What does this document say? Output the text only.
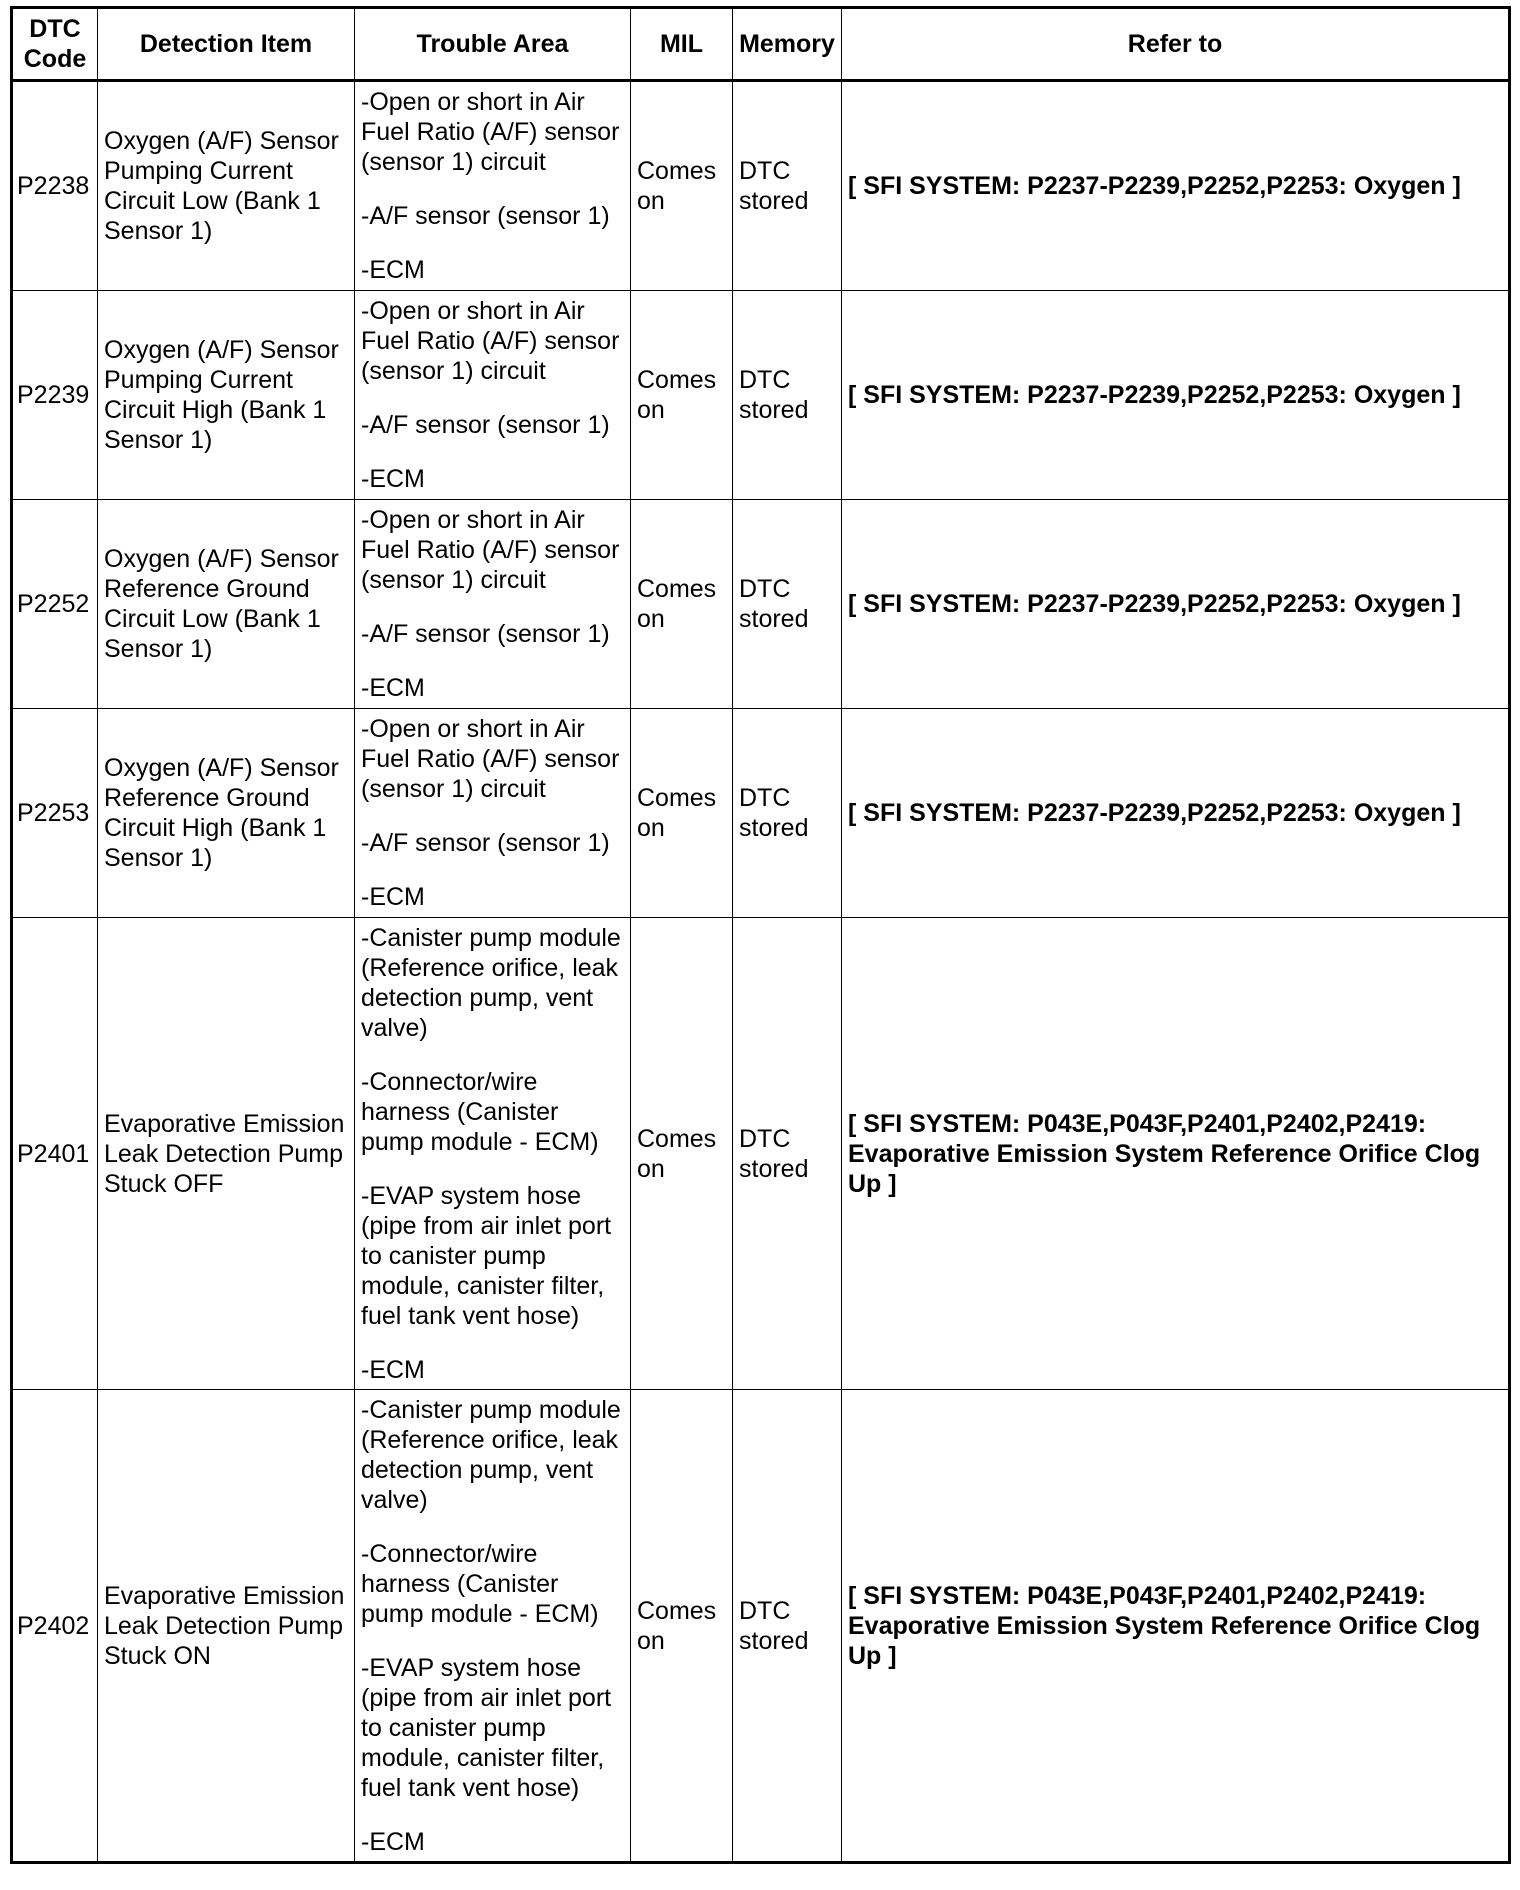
DTC Code	Detection Item	Trouble Area	MIL	Memory	Refer to
P2238	Oxygen (A/F) Sensor Pumping Current Circuit Low (Bank 1 Sensor 1)	-Open or short in Air Fuel Ratio (A/F) sensor (sensor 1) circuit

-A/F sensor (sensor 1)

-ECM	Comes on	DTC stored	[ SFI SYSTEM: P2237-P2239,P2252,P2253: Oxygen ]
P2239	Oxygen (A/F) Sensor Pumping Current Circuit High (Bank 1 Sensor 1)	-Open or short in Air Fuel Ratio (A/F) sensor (sensor 1) circuit

-A/F sensor (sensor 1)

-ECM	Comes on	DTC stored	[ SFI SYSTEM: P2237-P2239,P2252,P2253: Oxygen ]
P2252	Oxygen (A/F) Sensor Reference Ground Circuit Low (Bank 1 Sensor 1)	-Open or short in Air Fuel Ratio (A/F) sensor (sensor 1) circuit

-A/F sensor (sensor 1)

-ECM	Comes on	DTC stored	[ SFI SYSTEM: P2237-P2239,P2252,P2253: Oxygen ]
P2253	Oxygen (A/F) Sensor Reference Ground Circuit High (Bank 1 Sensor 1)	-Open or short in Air Fuel Ratio (A/F) sensor (sensor 1) circuit

-A/F sensor (sensor 1)

-ECM	Comes on	DTC stored	[ SFI SYSTEM: P2237-P2239,P2252,P2253: Oxygen ]
P2401	Evaporative Emission Leak Detection Pump Stuck OFF	-Canister pump module (Reference orifice, leak detection pump, vent valve)

-Connector/wire harness (Canister pump module - ECM)

-EVAP system hose (pipe from air inlet port to canister pump module, canister filter, fuel tank vent hose)

-ECM	Comes on	DTC stored	[ SFI SYSTEM: P043E,P043F,P2401,P2402,P2419: Evaporative Emission System Reference Orifice Clog Up ]
P2402	Evaporative Emission Leak Detection Pump Stuck ON	-Canister pump module (Reference orifice, leak detection pump, vent valve)

-Connector/wire harness (Canister pump module - ECM)

-EVAP system hose (pipe from air inlet port to canister pump module, canister filter, fuel tank vent hose)

-ECM	Comes on	DTC stored	[ SFI SYSTEM: P043E,P043F,P2401,P2402,P2419: Evaporative Emission System Reference Orifice Clog Up ]
